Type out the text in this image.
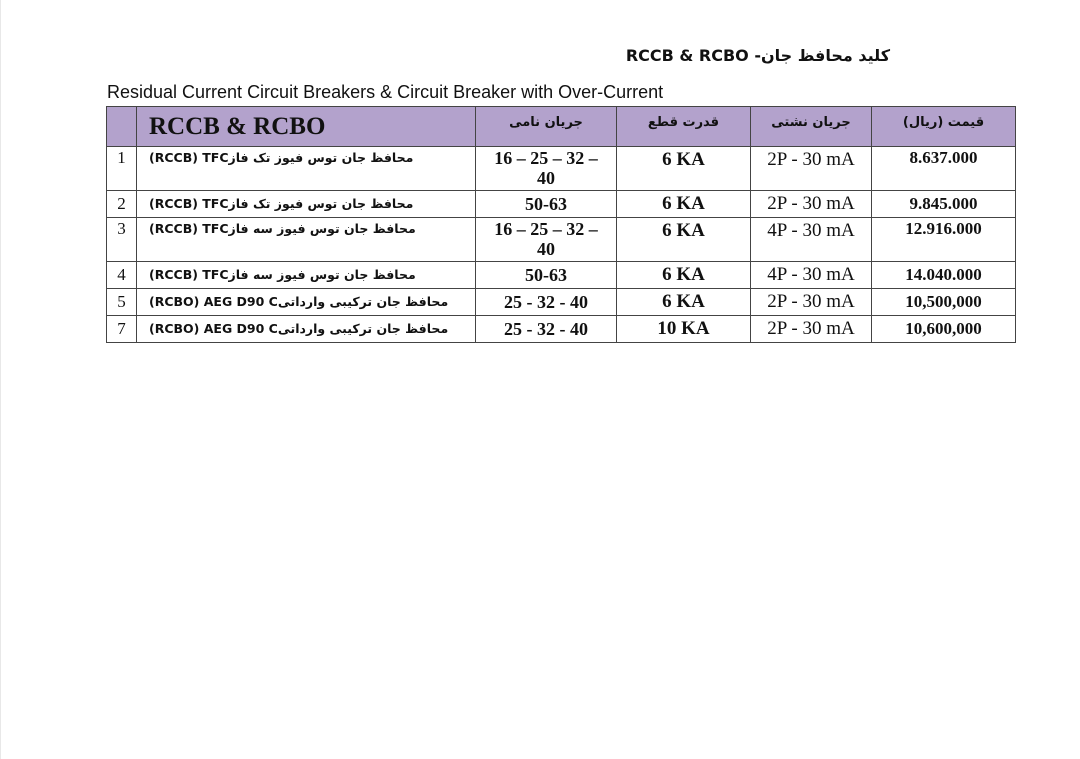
کلید محافظ جان- RCCB & RCBO
Residual Current Circuit Breakers & Circuit Breaker with Over-Current
	RCCB & RCBO	جریان نامی	قدرت قطع	جریان نشتی	قیمت (ریال)
1	محافظ جان توس فیوز تک فازRCCB) TFC)	16 – 25 – 32 – 40	6 KA	2P - 30 mA	8.637.000
2	محافظ جان توس فیوز تک فازRCCB) TFC)	50-63	6 KA	2P - 30 mA	9.845.000
3	محافظ جان توس فیوز سه فازRCCB) TFC)	16 – 25 – 32 – 40	6 KA	4P - 30 mA	12.916.000
4	محافظ جان توس فیوز سه فازRCCB) TFC)	50-63	6 KA	4P - 30 mA	14.040.000
5	محافظ جان ترکیبی وارداتیRCBO) AEG D90 C)	25 - 32 - 40	6 KA	2P - 30 mA	10,500,000
7	محافظ جان ترکیبی وارداتیRCBO) AEG D90 C)	25 - 32 - 40	10 KA	2P - 30 mA	10,600,000
